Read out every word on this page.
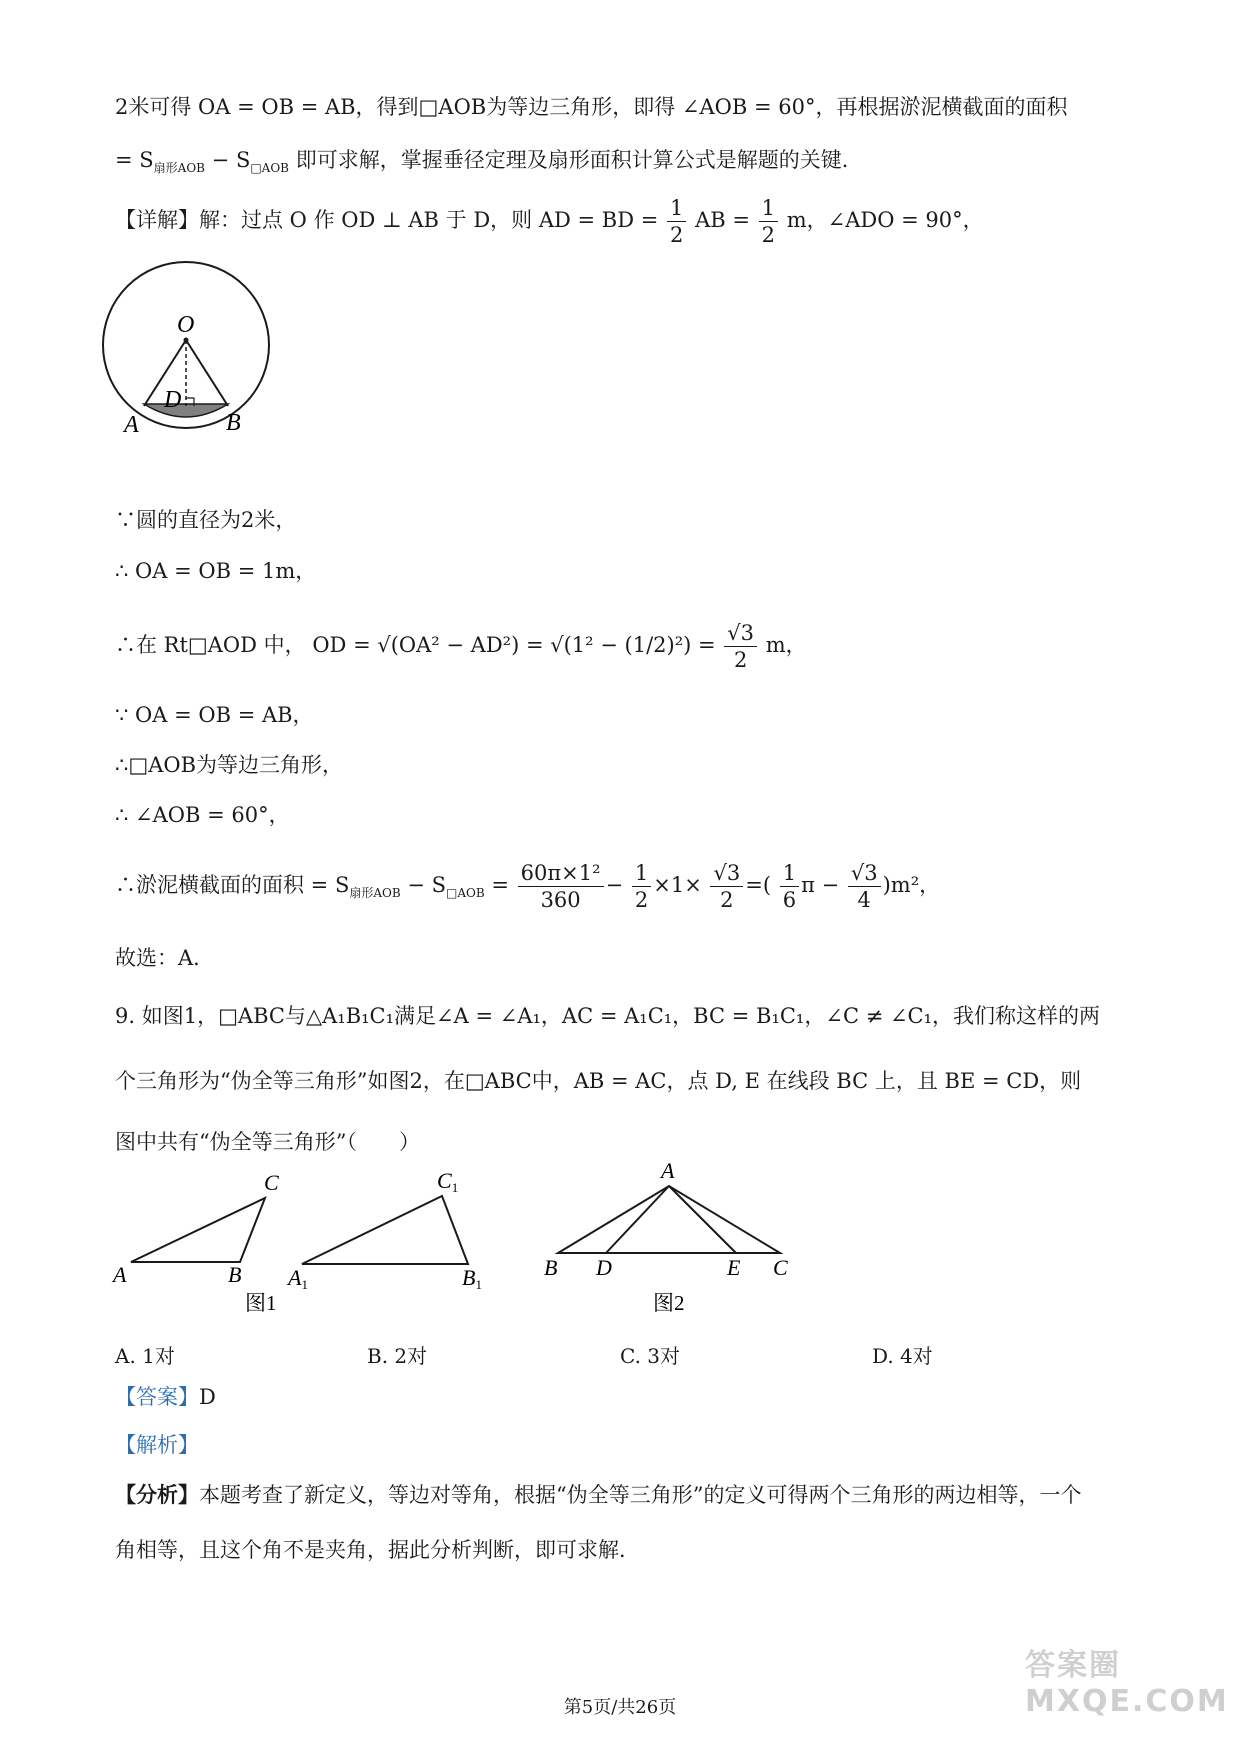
2米可得 OA = OB = AB，得到□AOB为等边三角形，即得 ∠AOB = 60°，再根据淤泥横截面的面积
= $S_{扇形AOB} - S_{□AOB}$ 即可求解，掌握垂径定理及扇形面积计算公式是解题的关键．
【详解】解：过点 O 作 OD ⊥ AB 于 D，则 AD = BD = $\frac{1}{2}$ AB = $\frac{1}{2}$ m，∠ADO = 90°，
O
D
A	B
∵圆的直径为2米，
∴ OA = OB = 1m，
∴在 Rt□AOD 中， OD = $√(OA^2 - AD^2) = √(1^2 - (1/2)^2) = \frac{√3}{2}$ m，
∵ OA = OB = AB，
∴□AOB为等边三角形，
∴ ∠AOB = 60°，
∴淤泥横截面的面积 = $S_{扇形AOB} - S_{□AOB} = \frac{\text{60π×1²}}{360} - \frac{1}{2} \times 1\times \frac{√3}{2}$ =( $\frac{1}{6}$ $\pi - \frac{√3}{4} )m^2$，
故选：A．
9. 如图1，□ABC与△A₁B₁C₁满足∠A = ∠A₁，AC = A₁C₁，BC = B₁C₁，∠C ≠ ∠C₁，我们称这样的两
个三角形为“伪全等三角形”如图2，在□ABC中，AB = AC，点 D, E 在线段 BC 上，且 BE = CD，则
图中共有“伪全等三角形”（　　）
A	B
C
A1	B1
C1
图1
A
B D	E C
图2
A. 1对	B. 2对	C. 3对	D. 4对
【答案】D
【解析】
【分析】本题考查了新定义，等边对等角，根据“伪全等三角形”的定义可得两个三角形的两边相等，一个
角相等，且这个角不是夹角，据此分析判断，即可求解．
答案圈 MXQE.COM
第5页/共26页
